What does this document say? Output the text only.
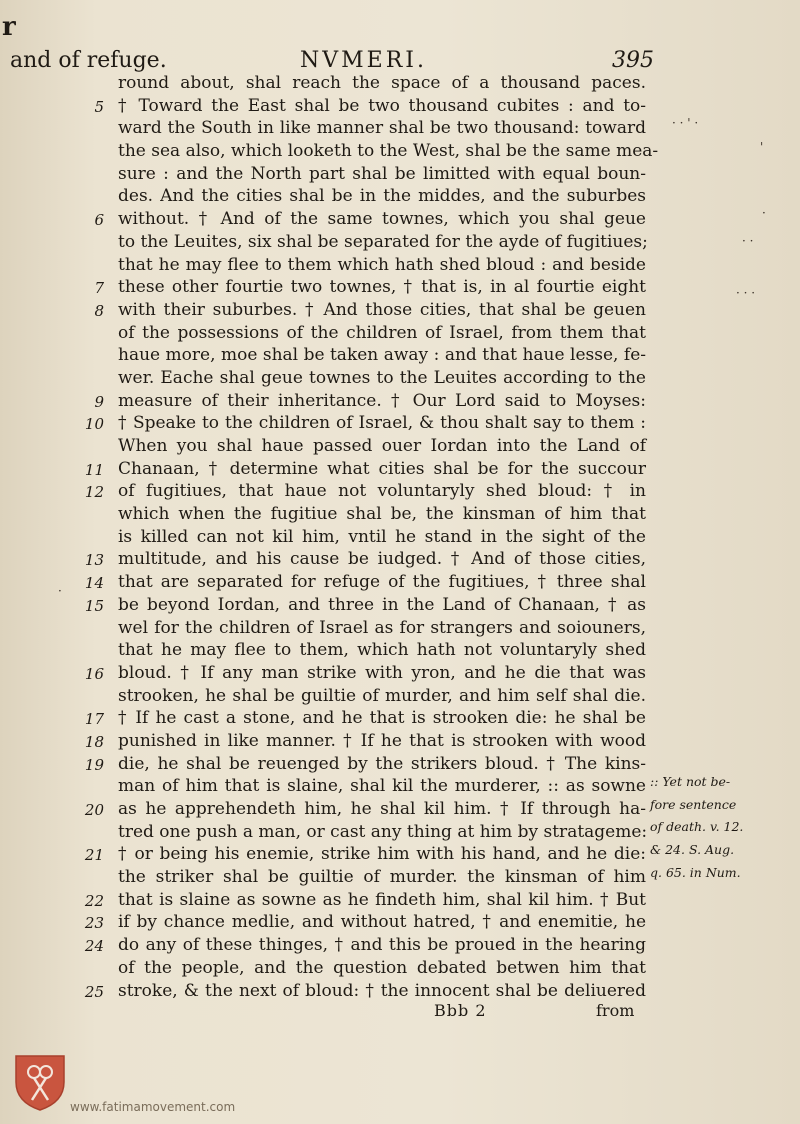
r
and of refuge.	NVMERI.	395
round about, shal reach the space of a thousand paces.
5 † Toward the East shal be two thousand cubites : and to-
ward the South in like manner shal be two thousand: toward
the sea also, which looketh to the West, shal be the same mea-
sure : and the North part shal be limitted with equal boun-
des. And the cities shal be in the middes, and the suburbes
6 without. † And of the same townes, which you shal geue
to the Leuites, six shal be separated for the ayde of fugitiues;
that he may flee to them which hath shed bloud : and beside
7 these other fourtie two townes, † that is, in al fourtie eight
8 with their suburbes. † And those cities, that shal be geuen
of the possessions of the children of Israel, from them that
haue more, moe shal be taken away : and that haue lesse, fe-
wer. Eache shal geue townes to the Leuites according to the
9 measure of their inheritance. † Our Lord said to Moyses:
10 † Speake to the children of Israel, & thou shalt say to them :
When you shal haue passed ouer Iordan into the Land of
11 Chanaan, † determine what cities shal be for the succour
12 of fugitiues, that haue not voluntaryly shed bloud: † in
which when the fugitiue shal be, the kinsman of him that
is killed can not kil him, vntil he stand in the sight of the
13 multitude, and his cause be iudged. † And of those cities,
14 that are separated for refuge of the fugitiues, † three shal
15 be beyond Iordan, and three in the Land of Chanaan, † as
wel for the children of Israel as for strangers and soiouners,
that he may flee to them, which hath not voluntaryly shed
16 bloud. † If any man strike with yron, and he die that was
strooken, he shal be guiltie of murder, and him self shal die.
17 † If he cast a stone, and he that is strooken die: he shal be
18 punished in like manner. † If he that is strooken with wood
19 die, he shal be reuenged by the strikers bloud. † The kins-
man of him that is slaine, shal kil the murderer, :: as sowne
20 as he apprehendeth him, he shal kil him. † If through ha-
tred one push a man, or cast any thing at him by stratageme:
21 † or being his enemie, strike him with his hand, and he die:
the striker shal be guiltie of murder. the kinsman of him
22 that is slaine as sowne as he findeth him, shal kil him. † But
23 if by chance medlie, and without hatred, † and enemitie, he
24 do any of these thinges, † and this be proued in the hearing
of the people, and the question debated betwen him that
25 stroke, & the next of bloud: † the innocent shal be deliuered
:: Yet not be-
fore sentence
of death. v. 12.
& 24. S. Aug.
q. 65. in Num.
· · ' ·
'
·
· ·
· · ·
·
Bbb 2	from
www.fatimamovement.com
